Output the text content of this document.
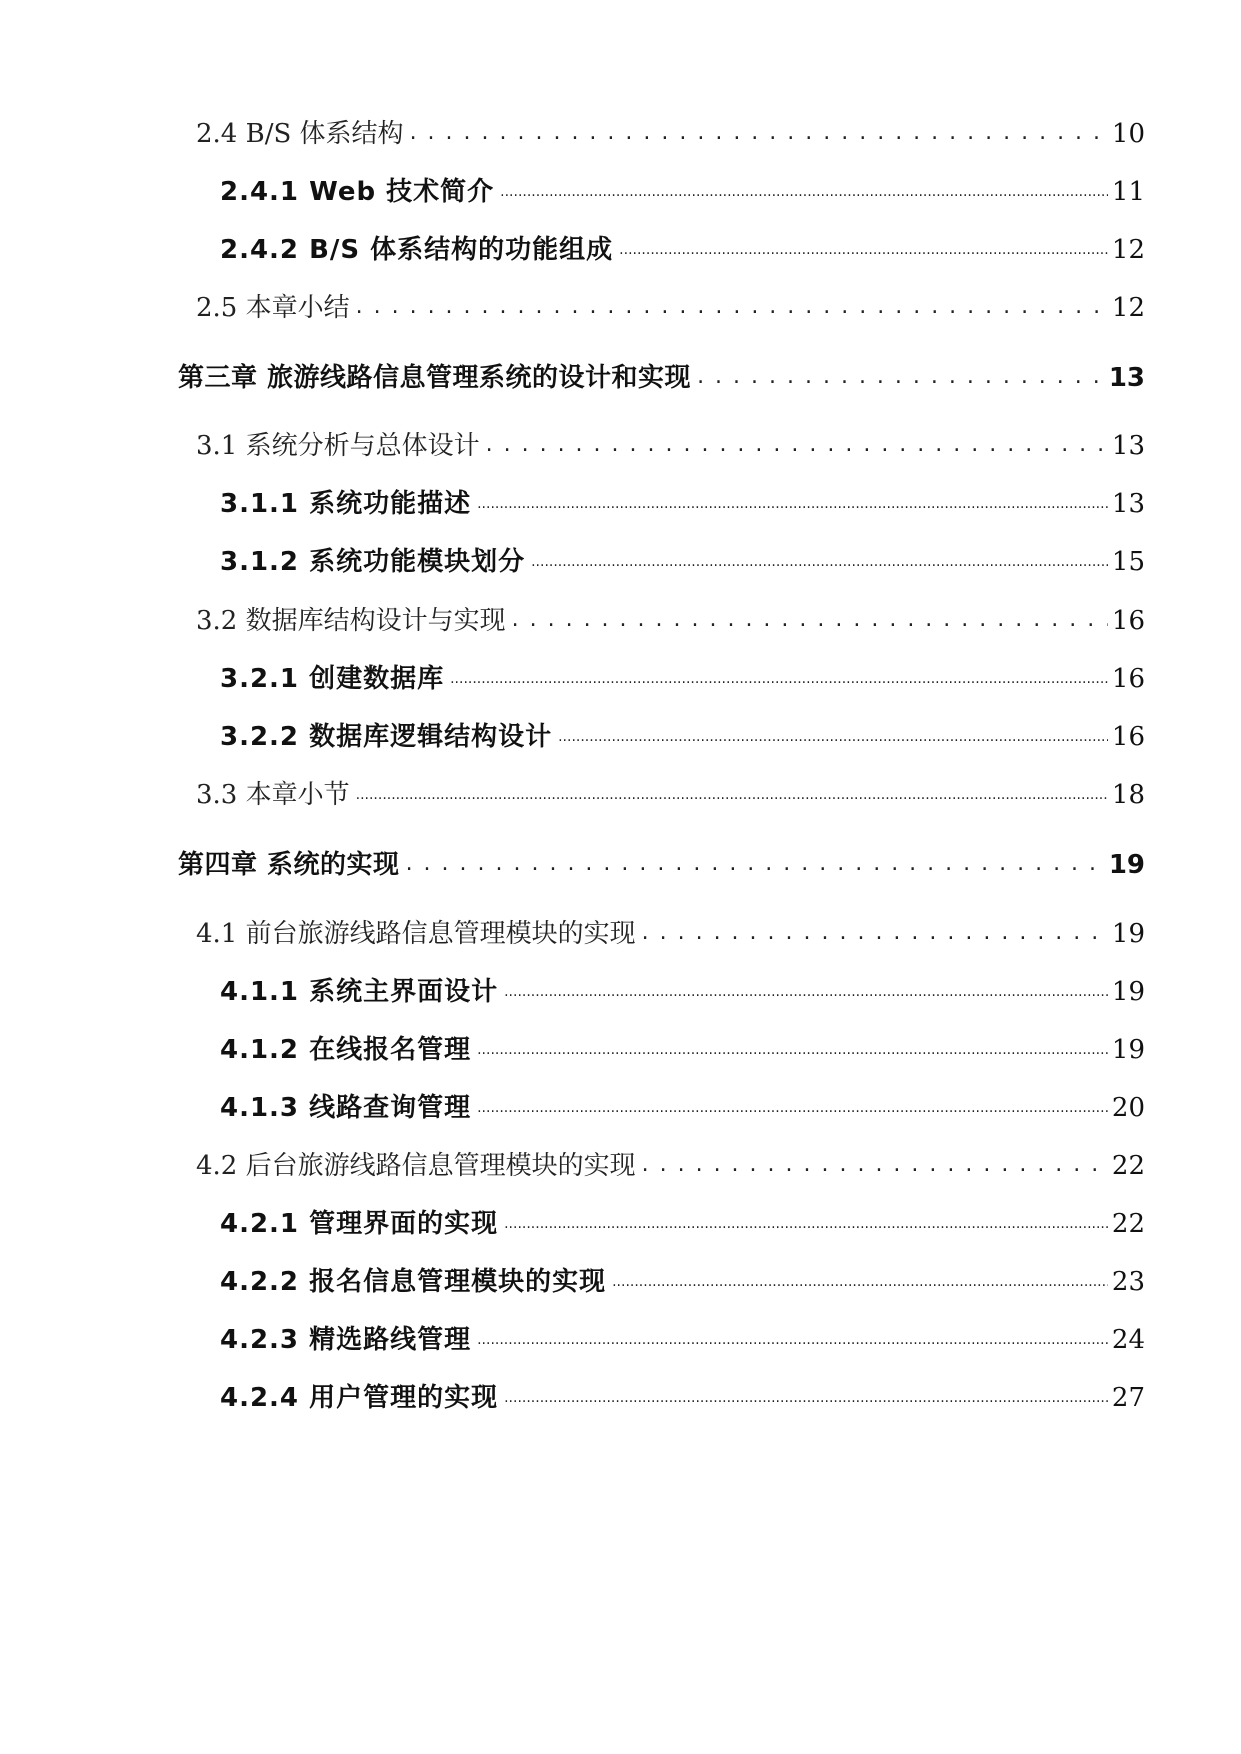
2.4 B/S 体系结构 . . .	10
2.4.1 Web 技术简介 .....	11
2.4.2 B/S 体系结构的功能组成 .....	12
2.5 本章小结 . . .	12
第三章 旅游线路信息管理系统的设计和实现 . . .	13
3.1 系统分析与总体设计 . . .	13
3.1.1 系统功能描述 .....	13
3.1.2 系统功能模块划分 .....	15
3.2 数据库结构设计与实现 . . .	16
3.2.1 创建数据库 .....	16
3.2.2 数据库逻辑结构设计 .....	16
3.3 本章小节 .....	18
第四章 系统的实现 . . .	19
4.1 前台旅游线路信息管理模块的实现 . . .	19
4.1.1 系统主界面设计 .....	19
4.1.2 在线报名管理 .....	19
4.1.3 线路查询管理 .....	20
4.2 后台旅游线路信息管理模块的实现 . . .	22
4.2.1 管理界面的实现 .....	22
4.2.2 报名信息管理模块的实现 .....	23
4.2.3 精选路线管理 .....	24
4.2.4 用户管理的实现 .....	27
